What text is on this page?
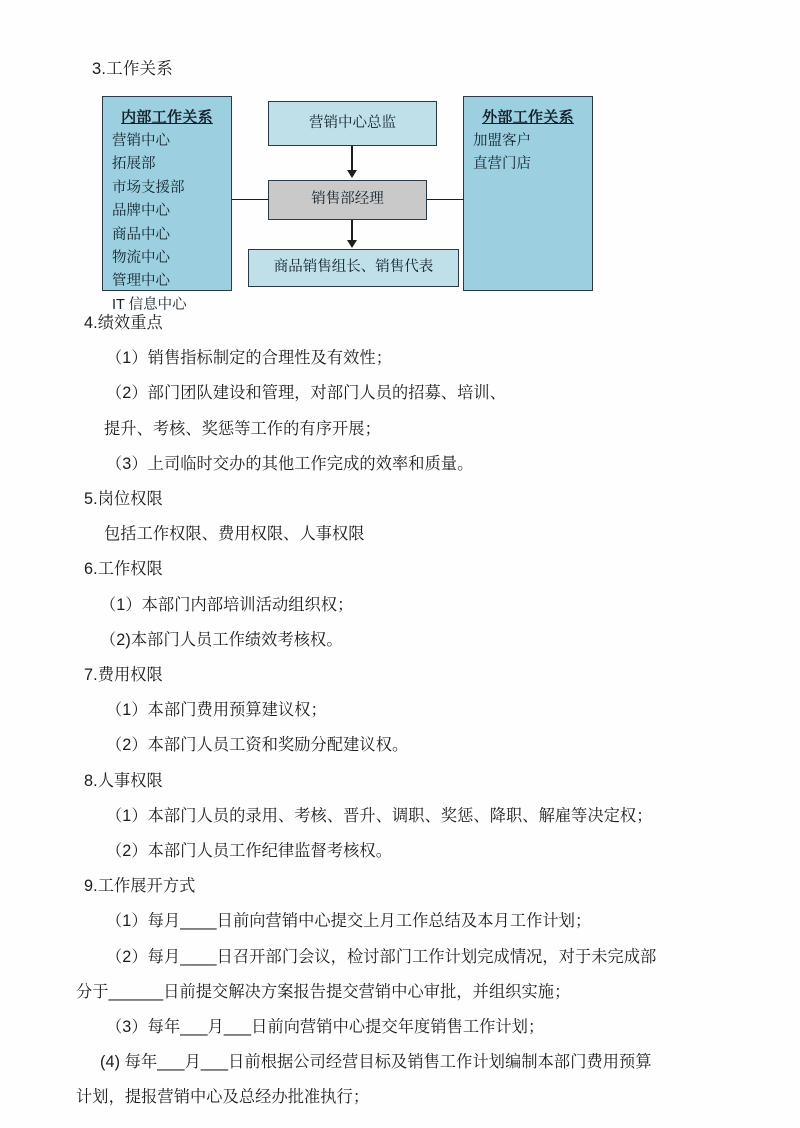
3.工作关系
内部工作关系
营销中心
拓展部
市场支援部
品牌中心
商品中心
物流中心
管理中心
IT 信息中心
外部工作关系
加盟客户
直营门店
营销中心总监
销售部经理
商品销售组长、销售代表
4.绩效重点
（1）销售指标制定的合理性及有效性；
（2）部门团队建设和管理，对部门人员的招募、培训、
提升、考核、奖惩等工作的有序开展；
（3）上司临时交办的其他工作完成的效率和质量。
5.岗位权限
包括工作权限、费用权限、人事权限
6.工作权限
（1）本部门内部培训活动组织权；
（2)本部门人员工作绩效考核权。
7.费用权限
（1）本部门费用预算建议权；
（2）本部门人员工资和奖励分配建议权。
8.人事权限
（1）本部门人员的录用、考核、晋升、调职、奖惩、降职、解雇等决定权；
（2）本部门人员工作纪律监督考核权。
9.工作展开方式
（1）每月____日前向营销中心提交上月工作总结及本月工作计划；
（2）每月____日召开部门会议，检讨部门工作计划完成情况，对于未完成部
分于______日前提交解决方案报告提交营销中心审批，并组织实施；
（3）每年___月___日前向营销中心提交年度销售工作计划；
(4) 每年___月___日前根据公司经营目标及销售工作计划编制本部门费用预算
计划，提报营销中心及总经办批准执行；
